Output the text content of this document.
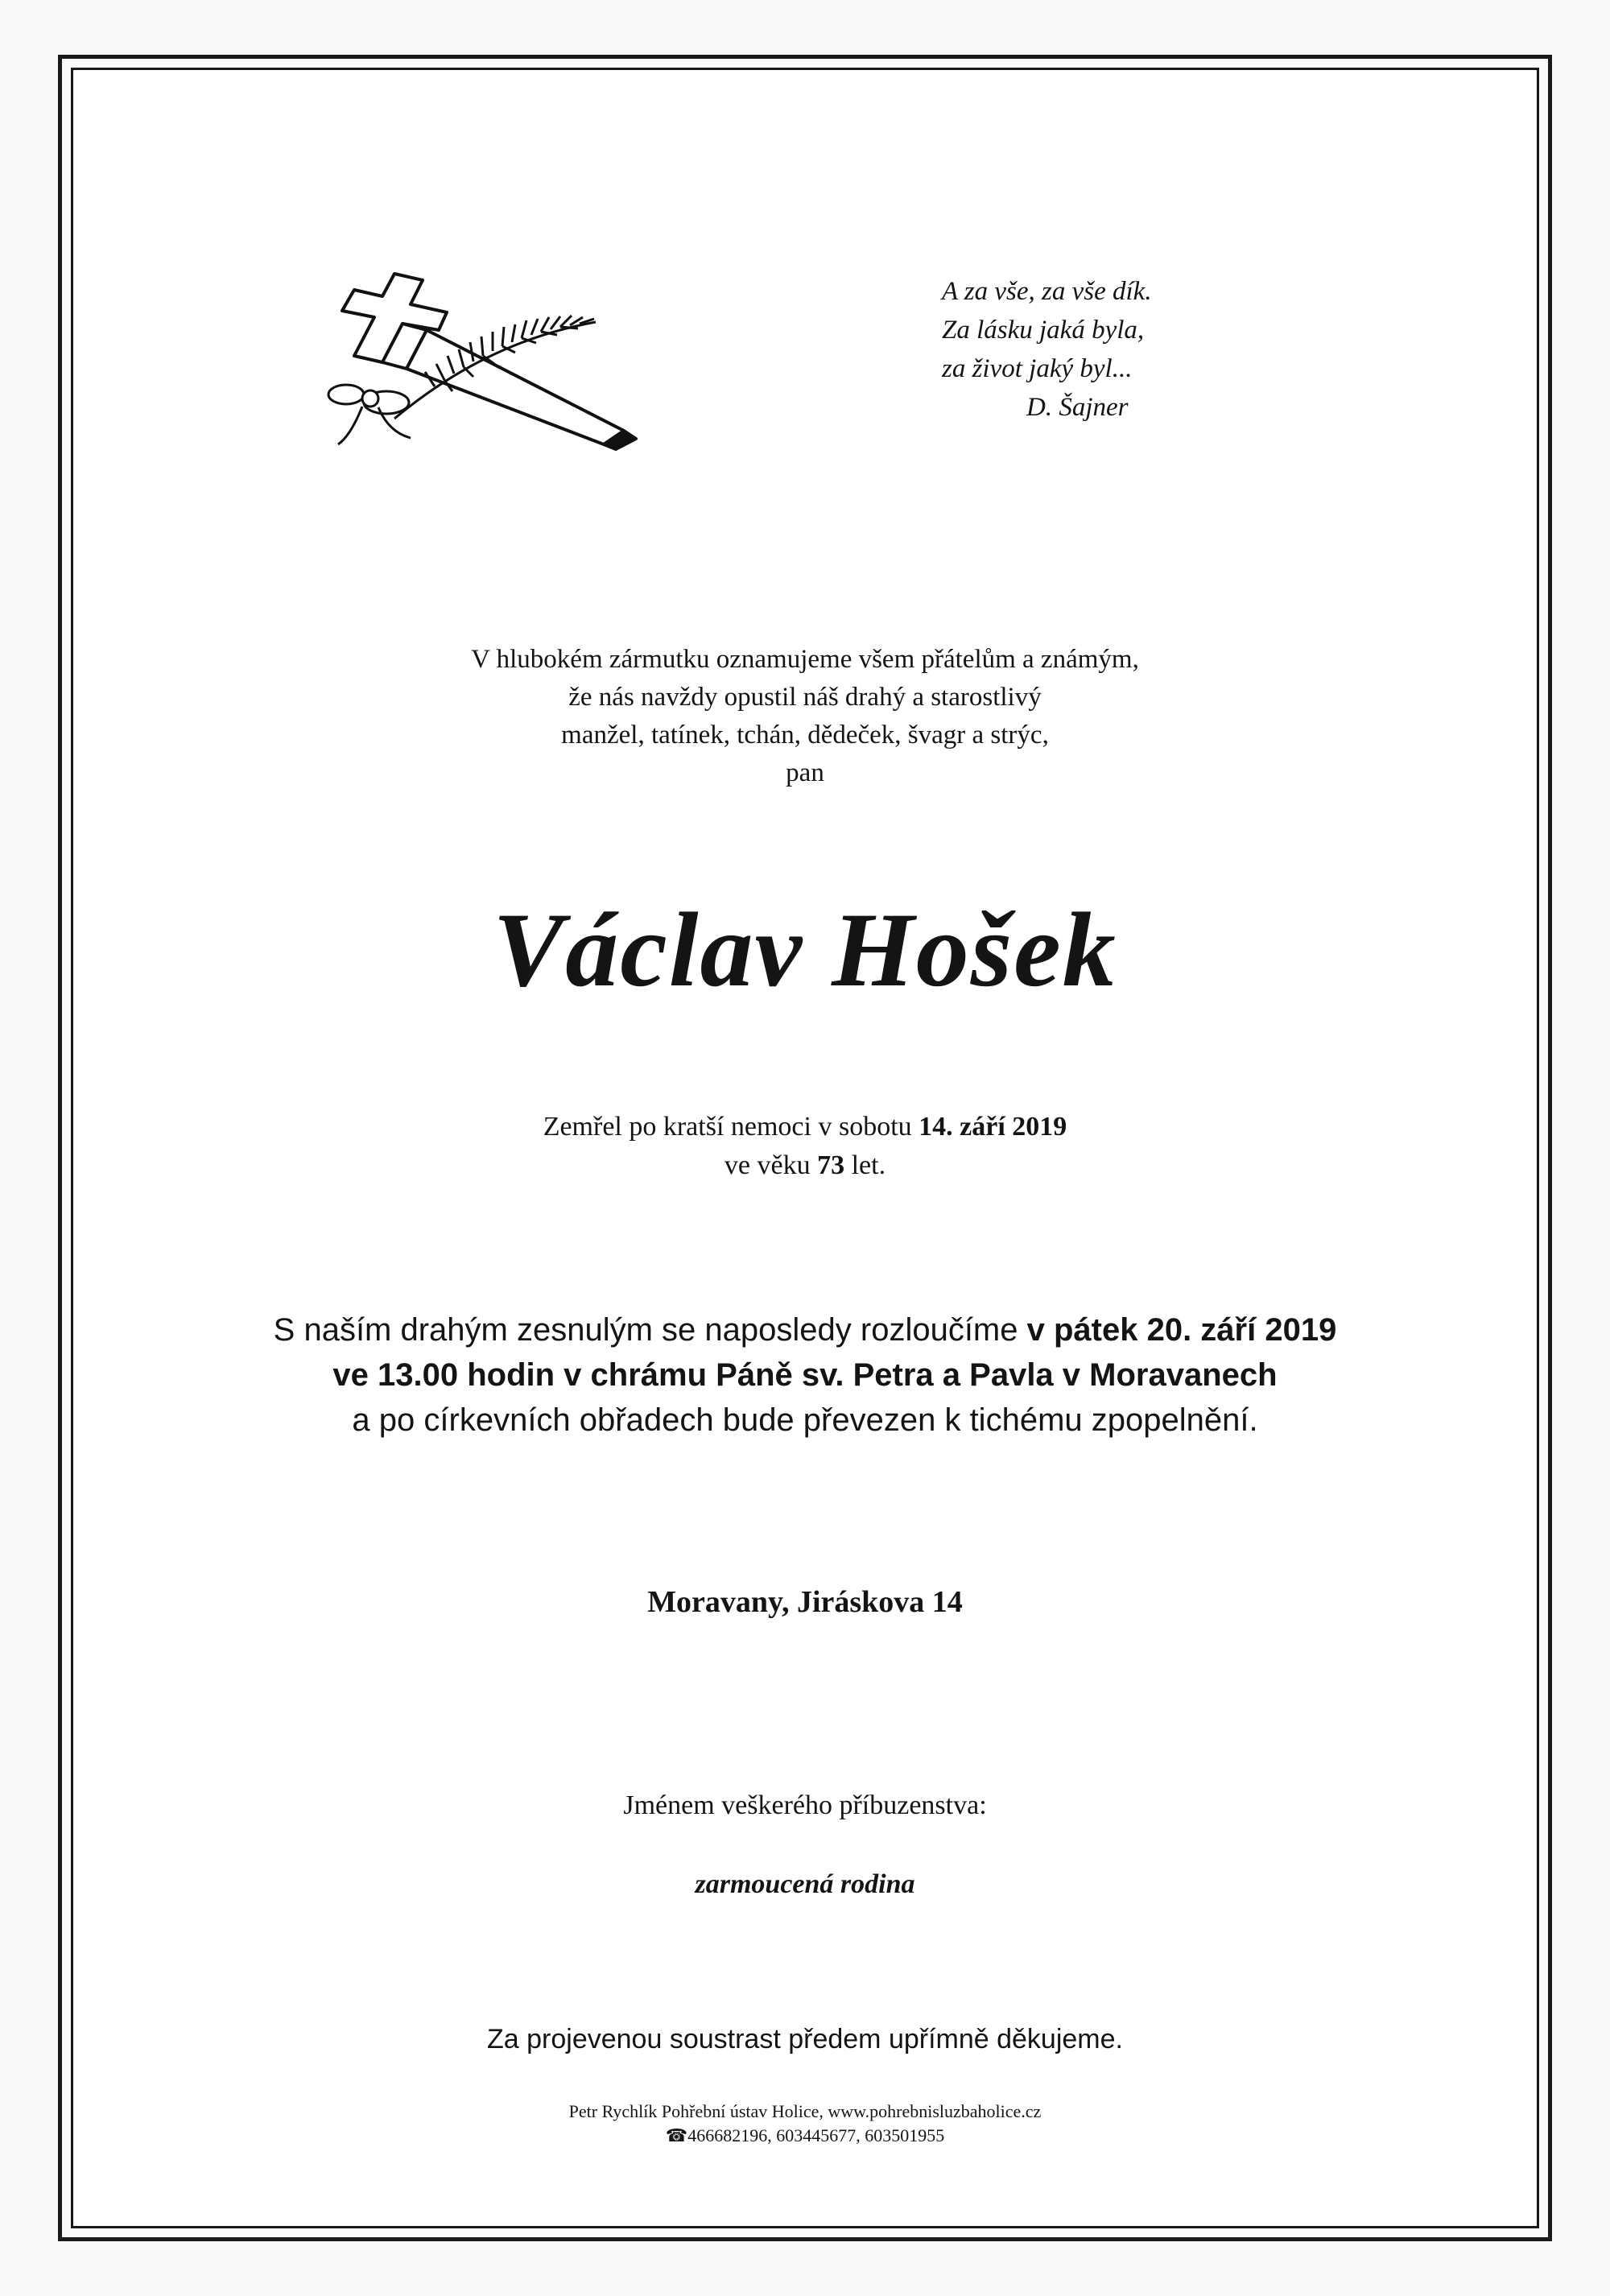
A za vše, za vše dík.
Za lásku jaká byla,
za život jaký byl...
D. Šajner
V hlubokém zármutku oznamujeme všem přátelům a známým,
že nás navždy opustil náš drahý a starostlivý
manžel, tatínek, tchán, dědeček, švagr a strýc,
pan
Václav Hošek
Zemřel po kratší nemoci v sobotu 14. září 2019
ve věku 73 let.
S naším drahým zesnulým se naposledy rozloučíme v pátek 20. září 2019
ve 13.00 hodin v chrámu Páně sv. Petra a Pavla v Moravanech
a po církevních obřadech bude převezen k tichému zpopelnění.
Moravany, Jiráskova 14
Jménem veškerého příbuzenstva:
zarmoucená rodina
Za projevenou soustrast předem upřímně děkujeme.
Petr Rychlík Pohřební ústav Holice, www.pohrebnisluzbaholice.cz
☎466682196, 603445677, 603501955
